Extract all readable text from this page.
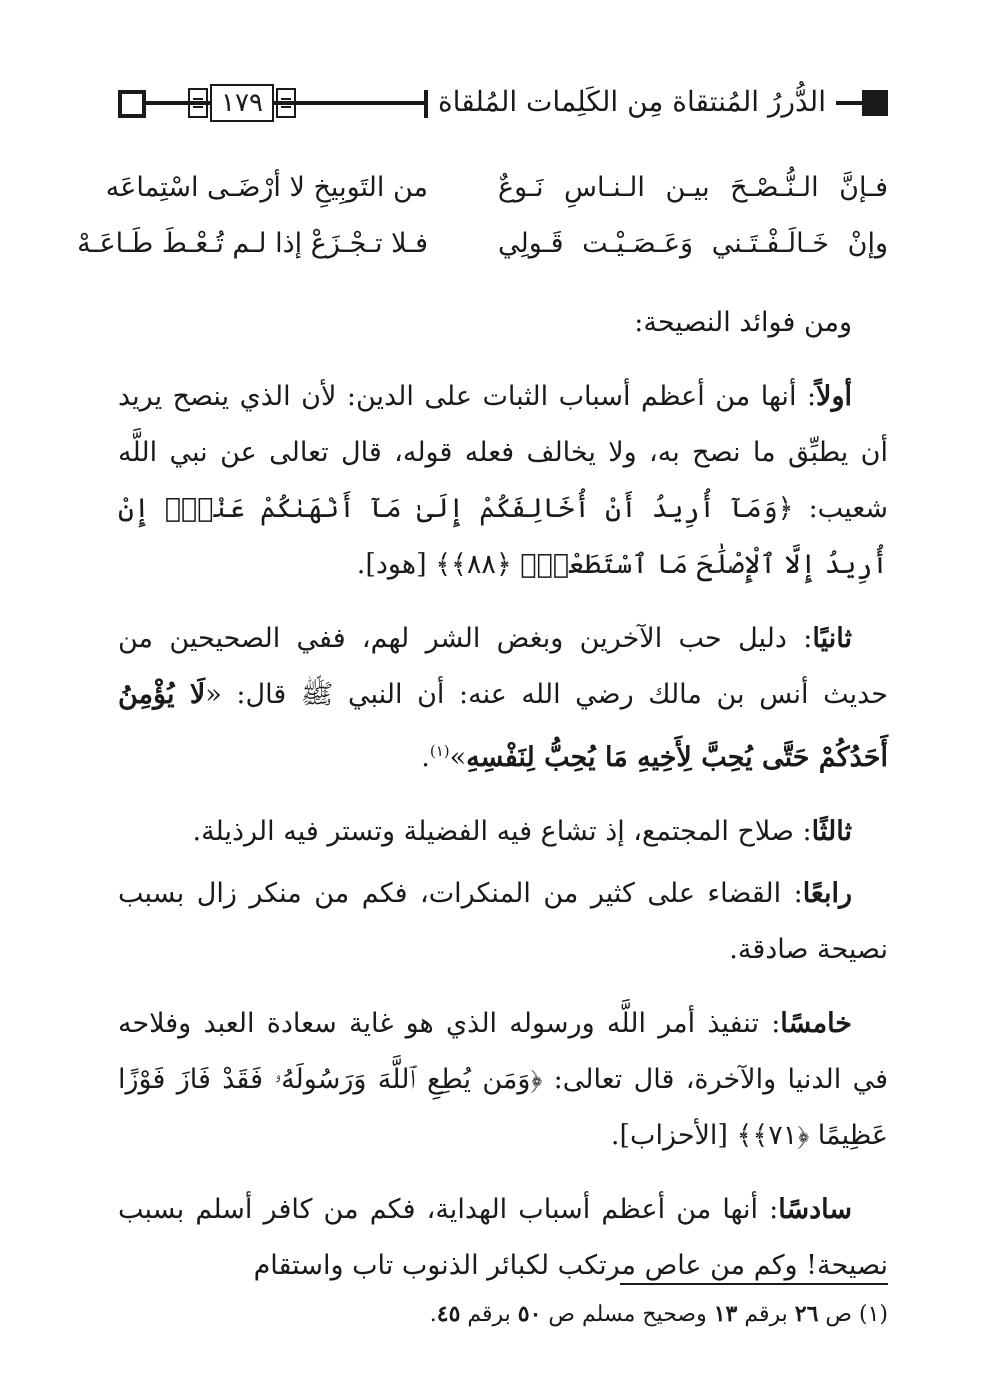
١٧٩	الدُّررُ المُنتقاة مِن الكَلِمات المُلقاة
فـإنَّ الـنُّـصْـحَ بيـن الـنـاسِ نَـوعٌ
من التَوبِيخِ لا أرْضَـى اسْتِماعَه
وإنْ خَـالَـفْـتَـني وَعَـصَـيْـت قَـولِي
فـلا تـجْـزَعْ إذا لـم تُـعْـطَ طَـاعَـهْ

ومن فوائد النصيحة:

أولاً: أنها من أعظم أسباب الثبات على الدين: لأن الذي ينصح يريد أن يطبِّق ما نصح به، ولا يخالف فعله قوله، قال تعالى عن نبي اللَّه شعيب: ﴿وَمَآ أُرِيدُ أَنْ أُخَالِفَكُمْ إِلَىٰ مَآ أَنْهَىٰكُمْ عَنْهُۚ إِنْ أُرِيدُ إِلَّا ٱلْإِصْلَٰحَ مَا ٱسْتَطَعْتُۚ ﴿٨٨﴾﴾ [هود].

ثانيًا: دليل حب الآخرين وبغض الشر لهم، ففي الصحيحين من حديث أنس بن مالك رضي الله عنه: أن النبي ﷺ قال: «لَا يُؤْمِنُ أَحَدُكُمْ حَتَّى يُحِبَّ لِأَخِيهِ مَا يُحِبُّ لِنَفْسِهِ»$^{(١)}$.

ثالثًا: صلاح المجتمع، إذ تشاع فيه الفضيلة وتستر فيه الرذيلة.

رابعًا: القضاء على كثير من المنكرات، فكم من منكر زال بسبب نصيحة صادقة.

خامسًا: تنفيذ أمر اللَّه ورسوله الذي هو غاية سعادة العبد وفلاحه في الدنيا والآخرة، قال تعالى: ﴿وَمَن يُطِعِ ٱللَّهَ وَرَسُولَهُۥ فَقَدْ فَازَ فَوْزًا عَظِيمًا ﴿٧١﴾﴾ [الأحزاب].

سادسًا: أنها من أعظم أسباب الهداية، فكم من كافر أسلم بسبب نصيحة! وكم من عاص مرتكب لكبائر الذنوب تاب واستقام

(١) ص ٢٦ برقم ١٣ وصحيح مسلم ص ٥٠ برقم ٤٥.
